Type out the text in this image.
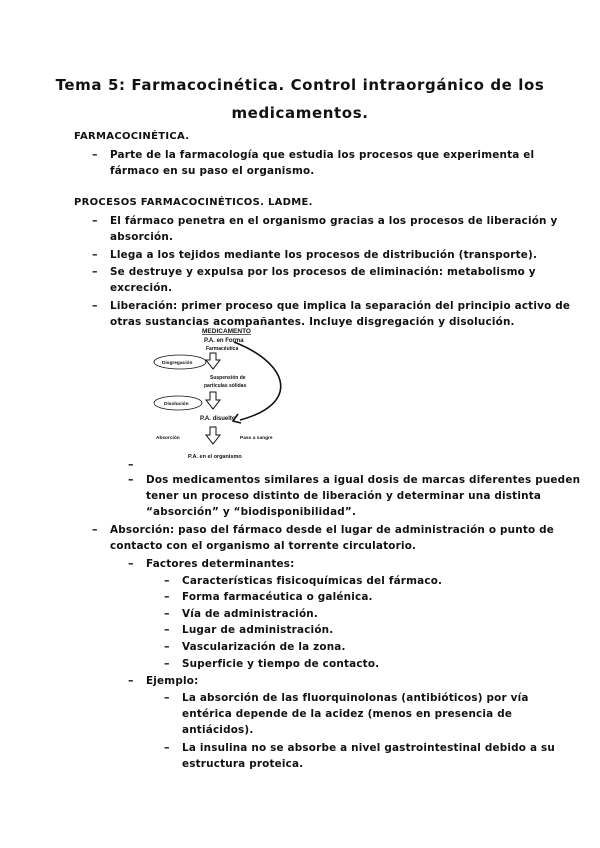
Tema 5: Farmacocinética. Control intraorgánico de los
medicamentos.
FARMACOCINÉTICA.
– Parte de la farmacología que estudia los procesos que experimenta el
fármaco en su paso el organismo.
PROCESOS FARMACOCINÉTICOS. LADME.
– El fármaco penetra en el organismo gracias a los procesos de liberación y
absorción.
– Llega a los tejidos mediante los procesos de distribución (transporte).
– Se destruye y expulsa por los procesos de eliminación: metabolismo y
excreción.
– Liberación: primer proceso que implica la separación del principio activo de
otras sustancias acompañantes. Incluye disgregación y disolución.
MEDICAMENTO
P.A. en Forma
Farmacéutica
Disgregación
Suspensión de
partículas sólidas
Disolución
P.A. disuelto
Absorción	Paso a sangre
P.A. en el organismo
–
– Dos medicamentos similares a igual dosis de marcas diferentes pueden
tener un proceso distinto de liberación y determinar una distinta
“absorción” y “biodisponibilidad”.
– Absorción: paso del fármaco desde el lugar de administración o punto de
contacto con el organismo al torrente circulatorio.
– Factores determinantes:
– Características fisicoquímicas del fármaco.
– Forma farmacéutica o galénica.
– Vía de administración.
– Lugar de administración.
– Vascularización de la zona.
– Superficie y tiempo de contacto.
– Ejemplo:
– La absorción de las fluorquinolonas (antibióticos) por vía
entérica depende de la acidez (menos en presencia de
antiácidos).
– La insulina no se absorbe a nivel gastrointestinal debido a su
estructura proteica.
